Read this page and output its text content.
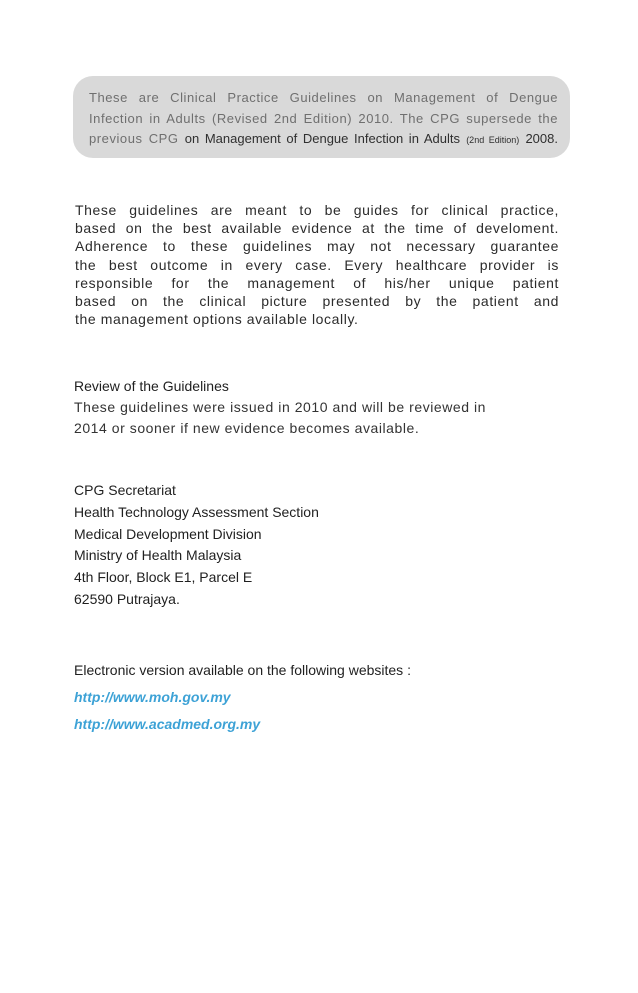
These are Clinical Practice Guidelines on Management of Dengue
Infection in Adults (Revised 2nd Edition) 2010. The CPG supersede the
previous CPG on Management of Dengue Infection in Adults (2nd Edition) 2008.
These guidelines are meant to be guides for clinical practice,
based on the best available evidence at the time of develoment.
Adherence to these guidelines may not necessary guarantee
the best outcome in every case. Every healthcare provider is
responsible for the management of his/her unique patient
based on the clinical picture presented by the patient and
the management options available locally.
Review of the Guidelines
These guidelines were issued in 2010 and will be reviewed in
2014 or sooner if new evidence becomes available.
CPG Secretariat
Health Technology Assessment Section
Medical Development Division
Ministry of Health Malaysia
4th Floor, Block E1, Parcel E
62590 Putrajaya.
Electronic version available on the following websites :
http://www.moh.gov.my
http://www.acadmed.org.my
